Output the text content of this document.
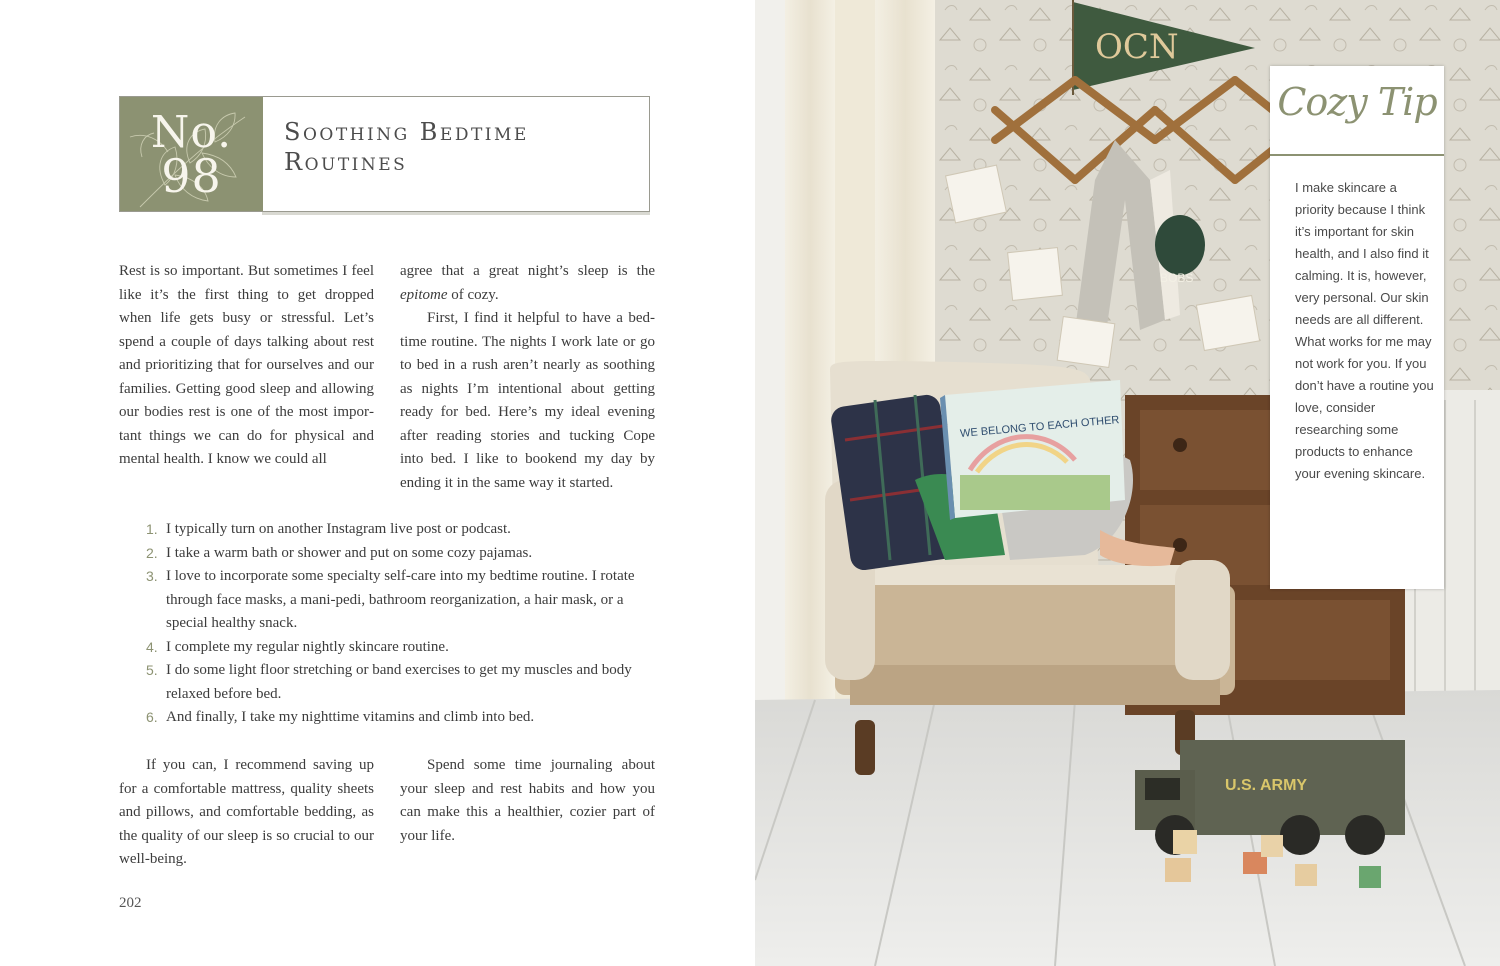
No.
98
Soothing Bedtime
Routines

Rest is so important. But sometimes I feel like it’s the first thing to get dropped when life gets busy or stressful. Let’s spend a couple of days talking about rest and prioritizing that for ourselves and our families. Getting good sleep and allowing our bodies rest is one of the most important things we can do for physical and mental health. I know we could all

agree that a great night’s sleep is the epitome of cozy.

First, I find it helpful to have a bedtime routine. The nights I work late or go to bed in a rush aren’t nearly as soothing as nights I’m intentional about getting ready for bed. Here’s my ideal evening after reading stories and tucking Cope into bed. I like to bookend my day by ending it in the same way it started.

1. I typically turn on another Instagram live post or podcast.
2. I take a warm bath or shower and put on some cozy pajamas.
3. I love to incorporate some specialty self-care into my bedtime routine. I rotate through face masks, a mani-pedi, bathroom reorganization, a hair mask, or a special healthy snack.
4. I complete my regular nightly skincare routine.
5. I do some light floor stretching or band exercises to get my muscles and body relaxed before bed.
6. And finally, I take my nighttime vitamins and climb into bed.

If you can, I recommend saving up for a comfortable mattress, quality sheets and pillows, and comfortable bedding, as the quality of our sleep is so crucial to our well-being.

Spend some time journaling about your sleep and rest habits and how you can make this a healthier, cozier part of your life.

202
OCN
BOBS
WE BELONG TO EACH OTHER
U.S. ARMY
Cozy Tip
I make skincare a priority because I think it’s important for skin health, and I also find it calming. It is, however, very personal. Our skin needs are all different. What works for me may not work for you. If you don’t have a routine you love, consider researching some products to enhance your evening skincare.
